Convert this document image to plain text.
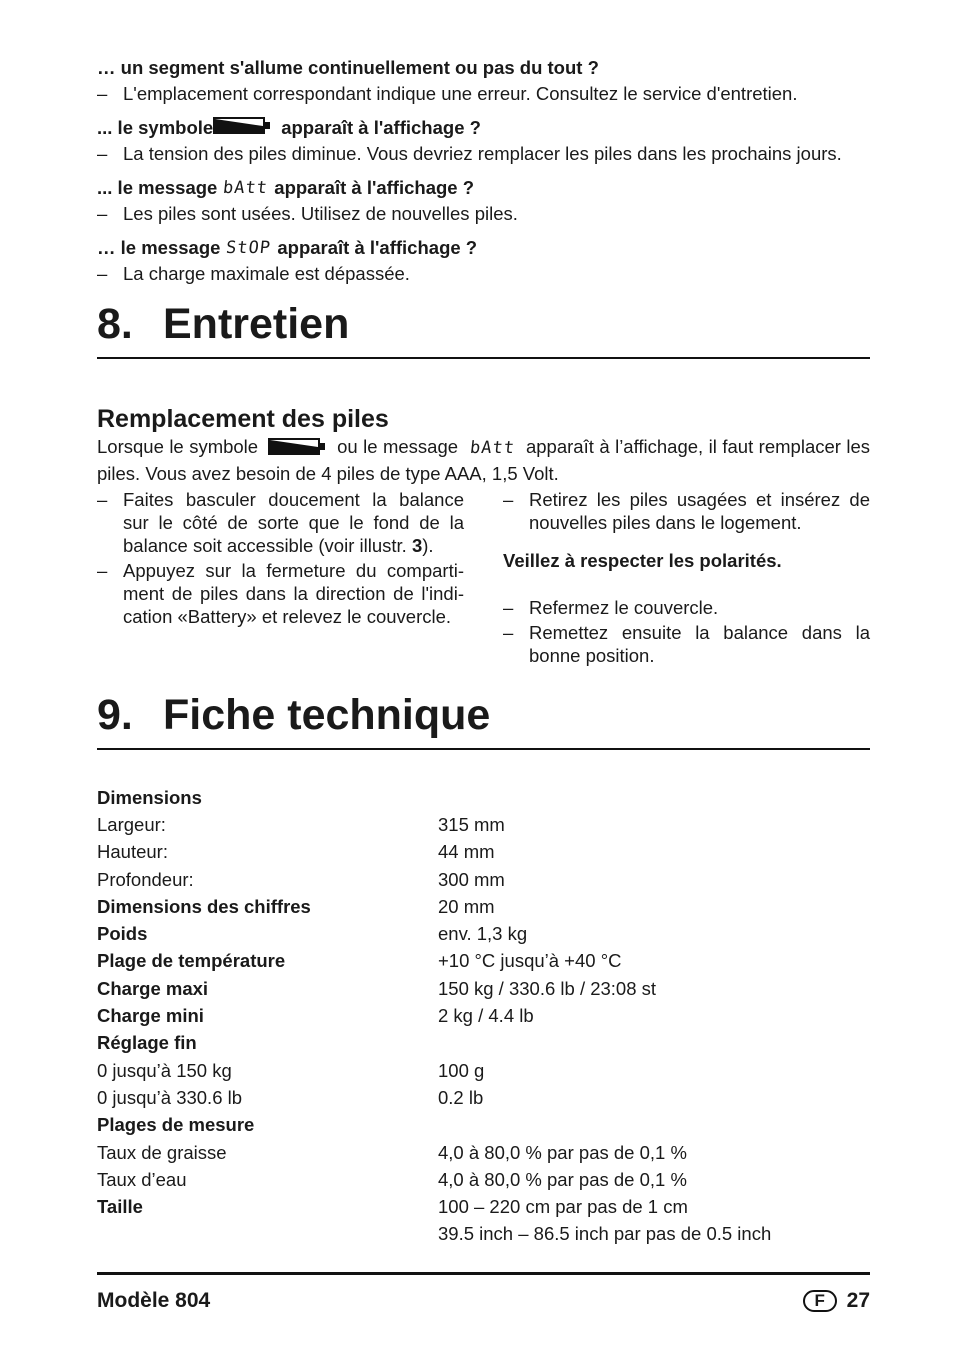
… un segment s'allume continuellement ou pas du tout ?

– L'emplacement correspondant indique une erreur. Consultez le service d'entretien.

... le symbole	apparaît à l'affichage ?

– La tension des piles diminue. Vous devriez remplacer les piles dans les prochains jours.

... le message bAtt apparaît à l'affichage ?

– Les piles sont usées. Utilisez de nouvelles piles.

… le message StOP apparaît à l'affichage ?

– La charge maximale est dépassée.
8. Entretien
Remplacement des piles

Lorsque le symbole	ou le message bAtt apparaît à l’affichage, il faut remplacer les piles. Vous avez besoin de 4 piles de type AAA, 1,5 Volt.

– Faites basculer doucement la balance sur le côté de sorte que le fond de la balance soit accessible (voir illustr. 3).
– Appuyez sur la fermeture du comparti-ment de piles dans la direction de l'indi-cation «Battery» et relevez le couvercle.
– Retirez les piles usagées et insérez de nouvelles piles dans le logement.

Veillez à respecter les polarités.

– Refermez le couvercle.
– Remettez ensuite la balance dans la bonne position.
9. Fiche technique
Dimensions	
Largeur:	315 mm
Hauteur:	44 mm
Profondeur:	300 mm
Dimensions des chiffres	20 mm
Poids	env. 1,3 kg
Plage de température	+10 °C jusqu’à +40 °C
Charge maxi	150 kg / 330.6 lb / 23:08 st
Charge mini	2 kg / 4.4 lb
Réglage fin	
0 jusqu’à 150 kg	100 g
0 jusqu’à 330.6 lb	0.2 lb
Plages de mesure	
Taux de graisse	4,0 à 80,0 % par pas de 0,1 %
Taux d’eau	4,0 à 80,0 % par pas de 0,1 %
Taille	100 – 220 cm par pas de 1 cm
	39.5 inch – 86.5 inch par pas de 0.5 inch
Modèle 804	F	27
